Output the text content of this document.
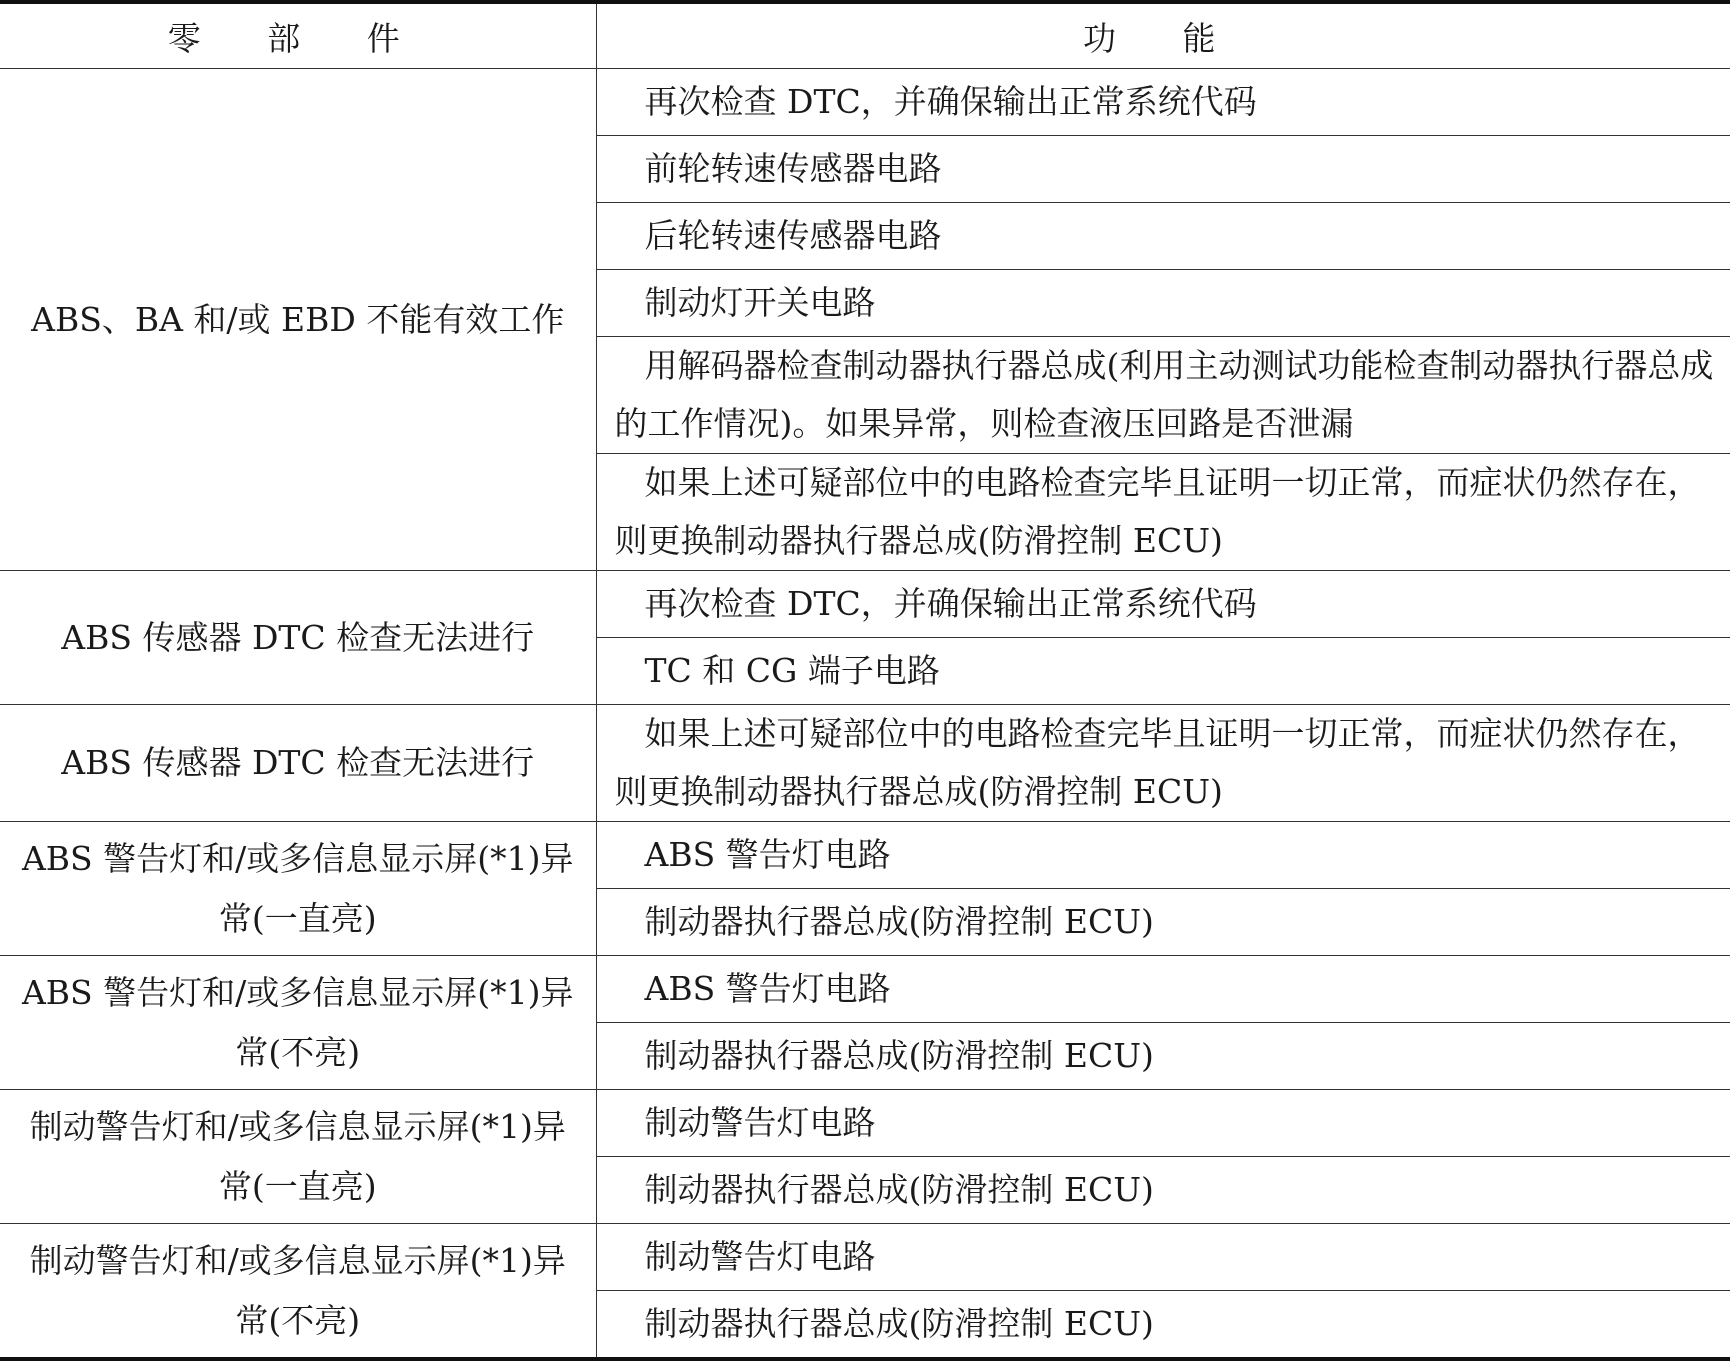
零 部 件	功 能
ABS、BA 和/或 EBD 不能有效工作	再次检查 DTC，并确保输出正常系统代码
	前轮转速传感器电路
	后轮转速传感器电路
	制动灯开关电路
	用解码器检查制动器执行器总成(利用主动测试功能检查制动器执行器总成的工作情况)。如果异常，则检查液压回路是否泄漏
	如果上述可疑部位中的电路检查完毕且证明一切正常，而症状仍然存在，则更换制动器执行器总成(防滑控制 ECU)
ABS 传感器 DTC 检查无法进行	再次检查 DTC，并确保输出正常系统代码
	TC 和 CG 端子电路
ABS 传感器 DTC 检查无法进行	如果上述可疑部位中的电路检查完毕且证明一切正常，而症状仍然存在，则更换制动器执行器总成(防滑控制 ECU)
ABS 警告灯和/或多信息显示屏(*1)异常(一直亮)	ABS 警告灯电路
	制动器执行器总成(防滑控制 ECU)
ABS 警告灯和/或多信息显示屏(*1)异常(不亮)	ABS 警告灯电路
	制动器执行器总成(防滑控制 ECU)
制动警告灯和/或多信息显示屏(*1)异常(一直亮)	制动警告灯电路
	制动器执行器总成(防滑控制 ECU)
制动警告灯和/或多信息显示屏(*1)异常(不亮)	制动警告灯电路
	制动器执行器总成(防滑控制 ECU)
